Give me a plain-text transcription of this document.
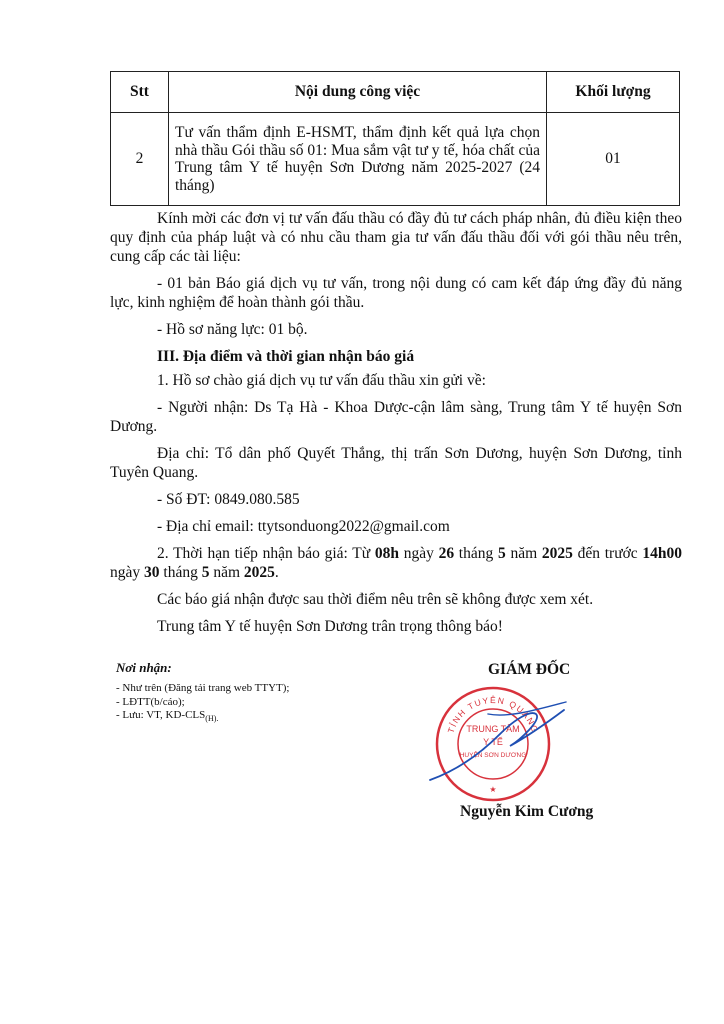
Stt	Nội dung công việc	Khối lượng
2	Tư vấn thẩm định E-HSMT, thẩm định kết quả lựa chọn nhà thầu Gói thầu số 01: Mua sắm vật tư y tế, hóa chất của Trung tâm Y tế huyện Sơn Dương năm 2025-2027 (24 tháng)	01

Kính mời các đơn vị tư vấn đấu thầu có đầy đủ tư cách pháp nhân, đủ điều kiện theo quy định của pháp luật và có nhu cầu tham gia tư vấn đấu thầu đối với gói thầu nêu trên, cung cấp các tài liệu:

- 01 bản Báo giá dịch vụ tư vấn, trong nội dung có cam kết đáp ứng đầy đủ năng lực, kinh nghiệm để hoàn thành gói thầu.

- Hồ sơ năng lực: 01 bộ.

III. Địa điểm và thời gian nhận báo giá

1. Hồ sơ chào giá dịch vụ tư vấn đấu thầu xin gửi về:

- Người nhận: Ds Tạ Hà - Khoa Dược-cận lâm sàng, Trung tâm Y tế huyện Sơn Dương.

Địa chỉ: Tổ dân phố Quyết Thắng, thị trấn Sơn Dương, huyện Sơn Dương, tỉnh Tuyên Quang.

- Số ĐT: 0849.080.585

- Địa chỉ email: ttytsonduong2022@gmail.com

2. Thời hạn tiếp nhận báo giá: Từ 08h ngày 26 tháng 5 năm 2025 đến trước 14h00 ngày 30 tháng 5 năm 2025.

Các báo giá nhận được sau thời điểm nêu trên sẽ không được xem xét.

Trung tâm Y tế huyện Sơn Dương trân trọng thông báo!

Nơi nhận:
- Như trên (Đăng tải trang web TTYT);
- LĐTT(b/cáo);
- Lưu: VT, $KD-CLS_{(H).}$
GIÁM ĐỐC
TỈNH TUYÊN QUANG
TRUNG TÂM
Y TẾ
HUYỆN SƠN DƯƠNG
★
Nguyễn Kim Cương
